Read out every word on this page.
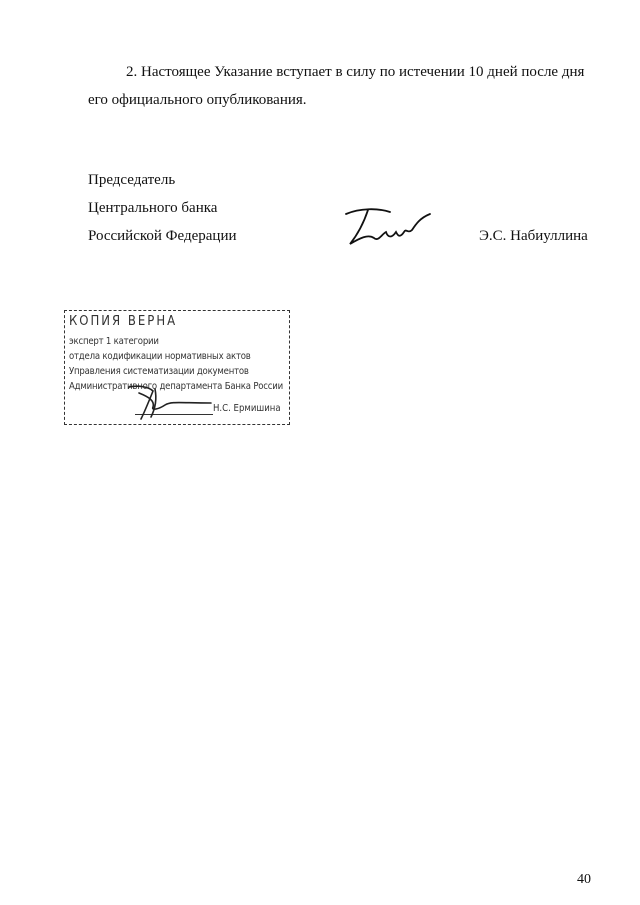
2. Настоящее Указание вступает в силу по истечении 10 дней после дня его официального опубликования.

Председатель
Центрального банка
Российской Федерации	Э.С. Набиуллина
КОПИЯ ВЕРНА
эксперт 1 категории
отдела кодификации нормативных актов
Управления систематизации документов
Административного департамента Банка России
Н.С. Ермишина
40
